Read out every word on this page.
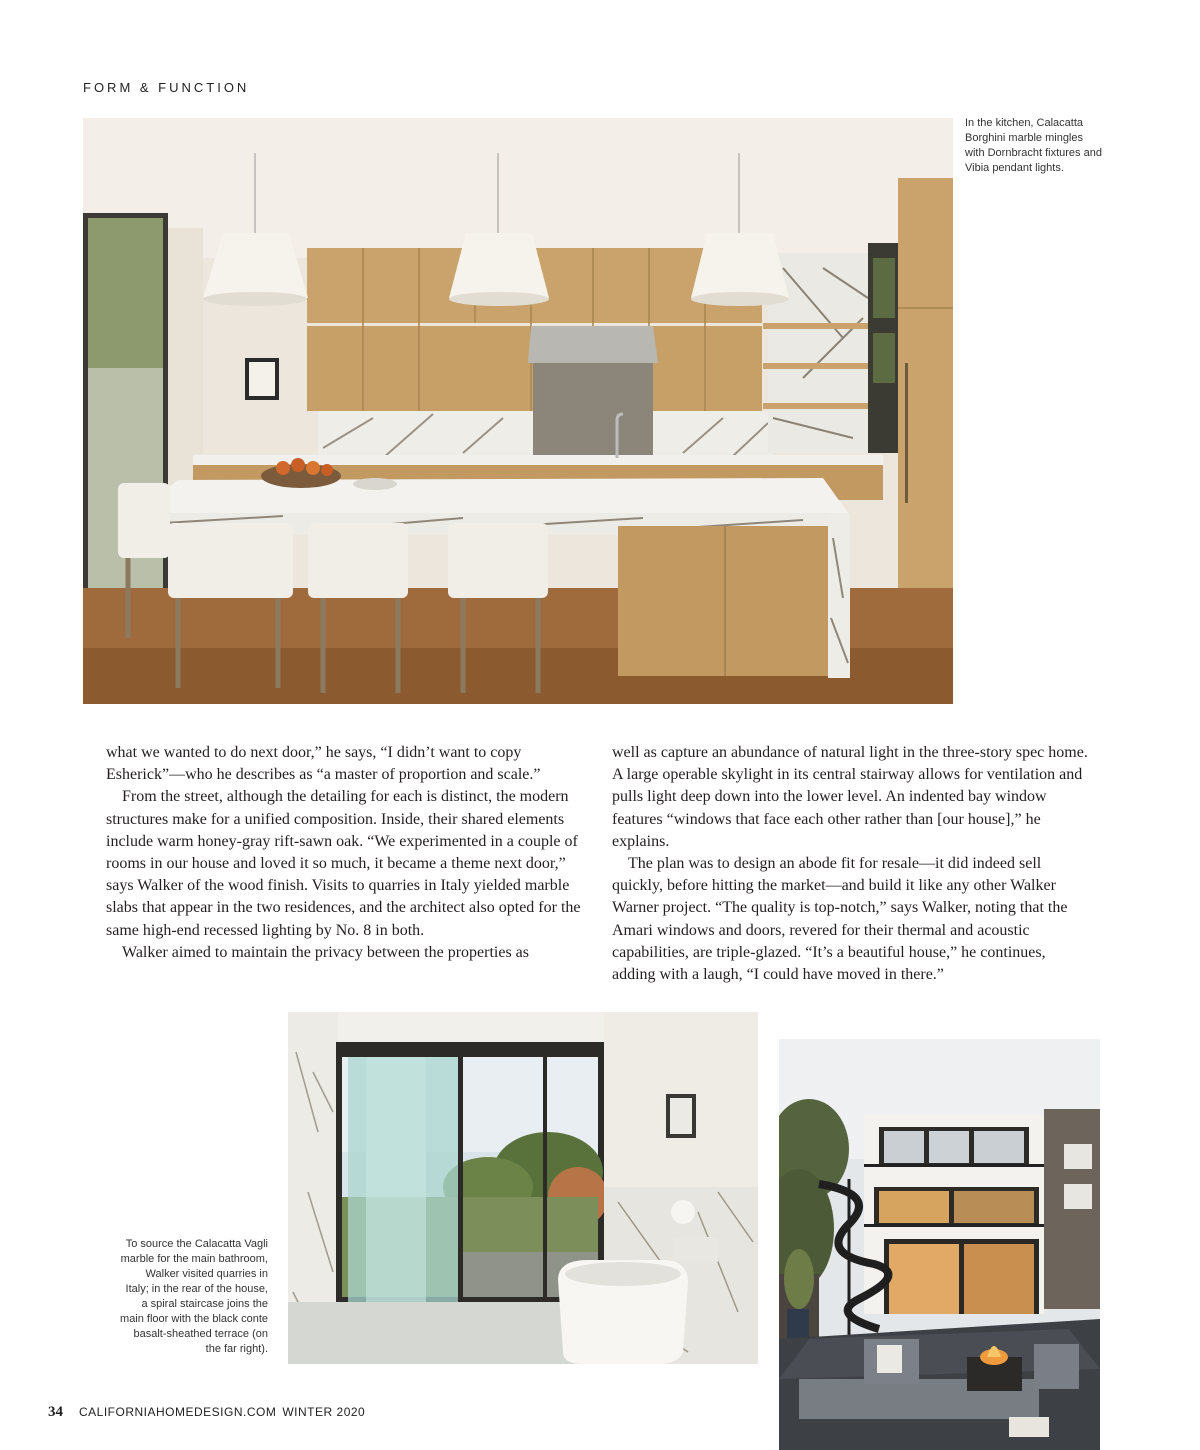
FORM & FUNCTION
In the kitchen, Calacatta Borghini marble mingles with Dornbracht fixtures and Vibia pendant lights.

what we wanted to do next door,” he says, “I didn’t want to copy Esherick”—who he describes as “a master of proportion and scale.”

From the street, although the detailing for each is distinct, the modern structures make for a unified composition. Inside, their shared elements include warm honey-gray rift-sawn oak. “We experimented in a couple of rooms in our house and loved it so much, it became a theme next door,” says Walker of the wood finish. Visits to quarries in Italy yielded marble slabs that appear in the two residences, and the architect also opted for the same high-end recessed lighting by No. 8 in both.

Walker aimed to maintain the privacy between the properties as

well as capture an abundance of natural light in the three-story spec home. A large operable skylight in its central stairway allows for ventilation and pulls light deep down into the lower level. An indented bay window features “windows that face each other rather than [our house],” he explains.

The plan was to design an abode fit for resale—it did indeed sell quickly, before hitting the market—and build it like any other Walker Warner project. “The quality is top-notch,” says Walker, noting that the Amari windows and doors, revered for their thermal and acoustic capabilities, are triple-glazed. “It’s a beautiful house,” he continues, adding with a laugh, “I could have moved in there.”

To source the Calacatta Vagli marble for the main bathroom, Walker visited quarries in Italy; in the rear of the house, a spiral staircase joins the main floor with the black conte basalt-sheathed terrace (on the far right).
34 CALIFORNIAHOMEDESIGN.COM WINTER 2020
